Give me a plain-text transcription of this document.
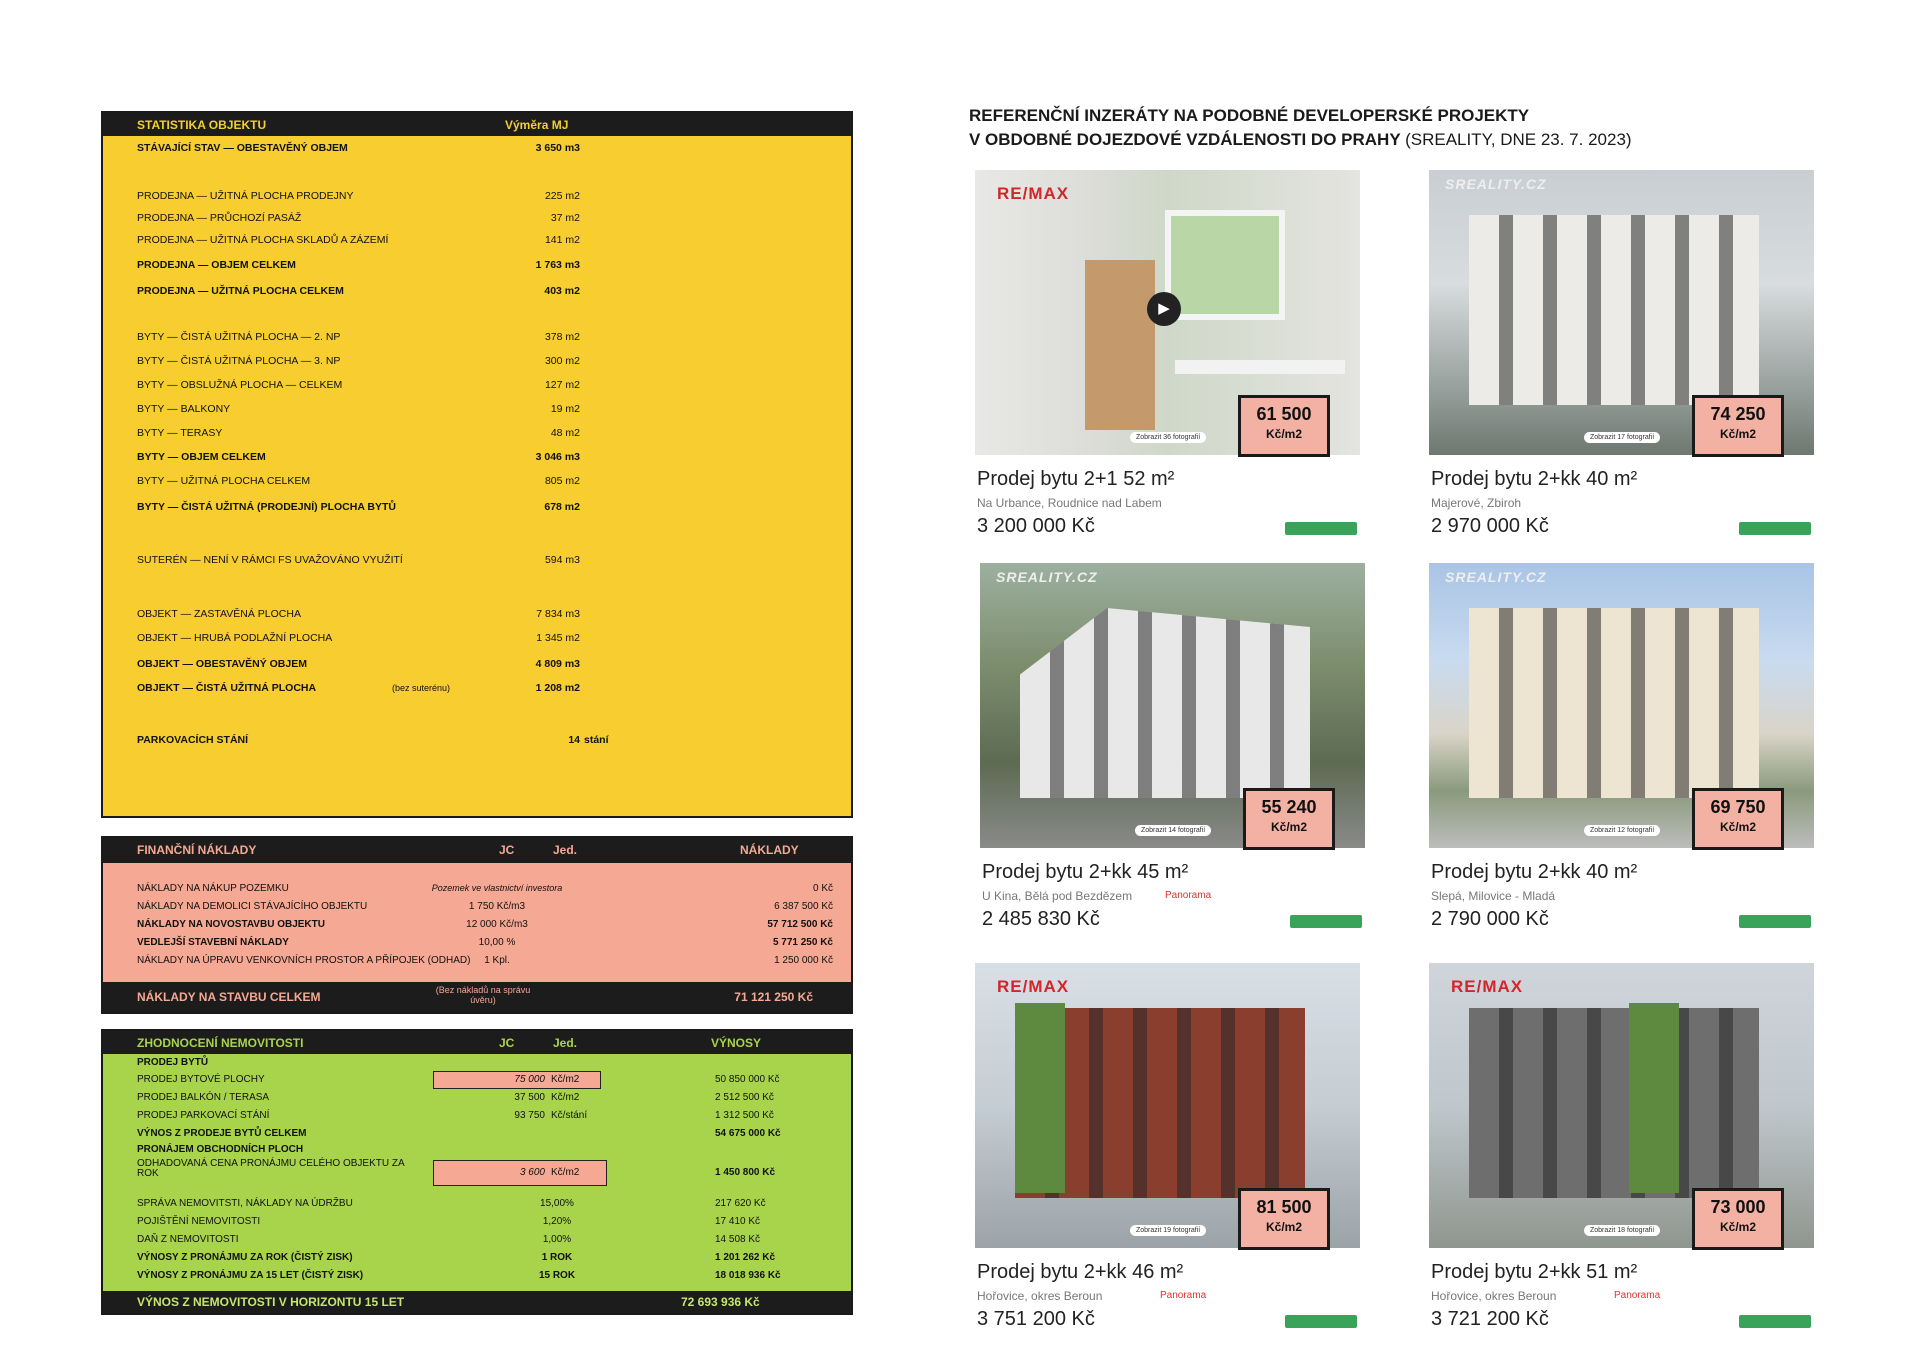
STATISTIKA OBJEKTU	Výměra MJ
STÁVAJÍCÍ STAV — OBESTAVĚNÝ OBJEM	3 650 m3
PRODEJNA — UŽITNÁ PLOCHA PRODEJNY	225 m2
PRODEJNA — PRŮCHOZÍ PASÁŽ	37 m2
PRODEJNA — UŽITNÁ PLOCHA SKLADŮ A ZÁZEMÍ	141 m2
PRODEJNA — OBJEM CELKEM	1 763 m3
PRODEJNA — UŽITNÁ PLOCHA CELKEM	403 m2
BYTY — ČISTÁ UŽITNÁ PLOCHA — 2. NP	378 m2
BYTY — ČISTÁ UŽITNÁ PLOCHA — 3. NP	300 m2
BYTY — OBSLUŽNÁ PLOCHA — CELKEM	127 m2
BYTY — BALKONY	19 m2
BYTY — TERASY	48 m2
BYTY — OBJEM CELKEM	3 046 m3
BYTY — UŽITNÁ PLOCHA CELKEM	805 m2
BYTY — ČISTÁ UŽITNÁ (PRODEJNÍ) PLOCHA BYTŮ	678 m2
SUTERÉN — NENÍ V RÁMCI FS UVAŽOVÁNO VYUŽITÍ	594 m3
OBJEKT — ZASTAVĚNÁ PLOCHA	7 834 m3
OBJEKT — HRUBÁ PODLAŽNÍ PLOCHA	1 345 m2
OBJEKT — OBESTAVĚNÝ OBJEM	4 809 m3
OBJEKT — ČISTÁ UŽITNÁ PLOCHA	(bez suterénu)	1 208 m2
PARKOVACÍCH STÁNÍ	14 stání
FINANČNÍ NÁKLADY	JC	Jed.	NÁKLADY
NÁKLADY NA NÁKUP POZEMKU	Pozemek ve vlastnictví investora	0 Kč
NÁKLADY NA DEMOLICI STÁVAJÍCÍHO OBJEKTU	1 750 Kč/m3	6 387 500 Kč
NÁKLADY NA NOVOSTAVBU OBJEKTU	12 000 Kč/m3	57 712 500 Kč
VEDLEJŠÍ STAVEBNÍ NÁKLADY	10,00 %	5 771 250 Kč
NÁKLADY NA ÚPRAVU VENKOVNÍCH PROSTOR A PŘÍPOJEK (ODHAD)	1 Kpl.	1 250 000 Kč
NÁKLADY NA STAVBU CELKEM	(Bez nákladů na správu úvěru)	71 121 250 Kč
ZHODNOCENÍ NEMOVITOSTI	JC	Jed.	VÝNOSY
PRODEJ BYTŮ
PRODEJ BYTOVÉ PLOCHY	75 000 Kč/m2	50 850 000 Kč
PRODEJ BALKÓN / TERASA	37 500 Kč/m2	2 512 500 Kč
PRODEJ PARKOVACÍ STÁNÍ	93 750 Kč/stání	1 312 500 Kč
VÝNOS Z PRODEJE BYTŮ CELKEM	54 675 000 Kč
PRONÁJEM OBCHODNÍCH PLOCH
ODHADOVANÁ CENA PRONÁJMU CELÉHO OBJEKTU ZA ROK	3 600 Kč/m2	1 450 800 Kč
SPRÁVA NEMOVITSTI, NÁKLADY NA ÚDRŽBU	15,00%	217 620 Kč
POJIŠTĚNÍ NEMOVITOSTI	1,20%	17 410 Kč
DAŇ Z NEMOVITOSTI	1,00%	14 508 Kč
VÝNOSY Z PRONÁJMU ZA ROK (ČISTÝ ZISK)	1 ROK	1 201 262 Kč
VÝNOSY Z PRONÁJMU ZA 15 LET (ČISTÝ ZISK)	15 ROK	18 018 936 Kč
VÝNOS Z NEMOVITOSTI V HORIZONTU 15 LET	72 693 936 Kč
REFERENČNÍ INZERÁTY NA PODOBNÉ DEVELOPERSKÉ PROJEKTY
V OBDOBNÉ DOJEZDOVÉ VZDÁLENOSTI DO PRAHY (SREALITY, DNE 23. 7. 2023)
▶
RE/MAX
Zobrazit 36 fotografií
61 500
Kč/m2
Prodej bytu 2+1 52 m²
Na Urbance, Roudnice nad Labem
3 200 000 Kč
SREALITY.CZ
Zobrazit 17 fotografií
74 250
Kč/m2
Prodej bytu 2+kk 40 m²
Majerové, Zbiroh
2 970 000 Kč
SREALITY.CZ
Zobrazit 14 fotografií
55 240
Kč/m2
Prodej bytu 2+kk 45 m²
U Kina, Bělá pod Bezdězem	Panorama
2 485 830 Kč
SREALITY.CZ
Zobrazit 12 fotografií
69 750
Kč/m2
Prodej bytu 2+kk 40 m²
Slepá, Milovice - Mladá
2 790 000 Kč
RE/MAX
Zobrazit 19 fotografií
81 500
Kč/m2
Prodej bytu 2+kk 46 m²
Hořovice, okres Beroun	Panorama
3 751 200 Kč
RE/MAX
Zobrazit 18 fotografií
73 000
Kč/m2
Prodej bytu 2+kk 51 m²
Hořovice, okres Beroun	Panorama
3 721 200 Kč
